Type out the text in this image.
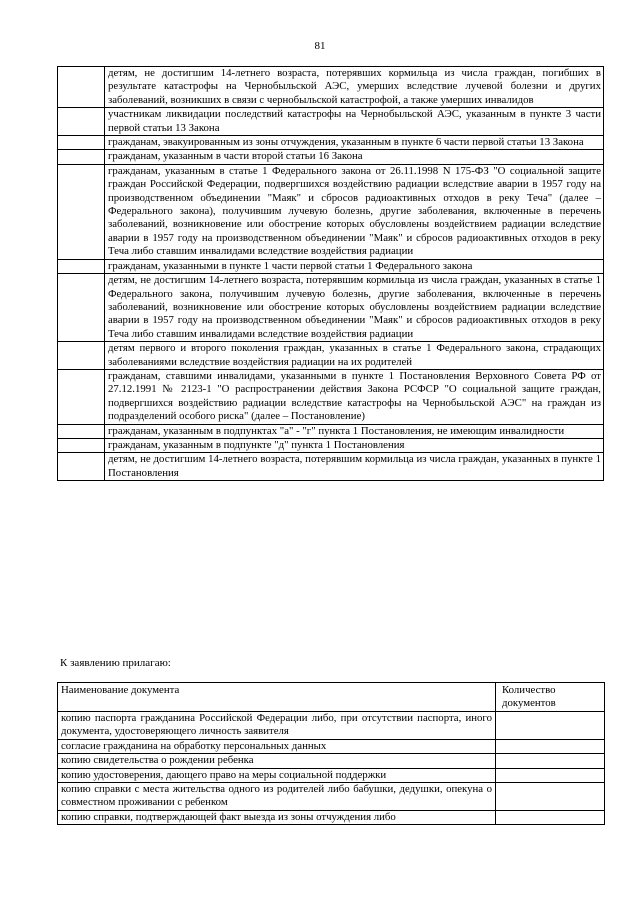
81
	детям, не достигшим 14-летнего возраста, потерявших кормильца из числа граждан, погибших в результате катастрофы на Чернобыльской АЭС, умерших вследствие лучевой болезни и других заболеваний, возникших в связи с чернобыльской катастрофой, а также умерших инвалидов
	участникам ликвидации последствий катастрофы на Чернобыльской АЭС, указанным в пункте 3 части первой статьи 13 Закона
	гражданам, эвакуированным из зоны отчуждения, указанным в пункте 6 части первой статьи 13 Закона
	гражданам, указанным в части второй статьи 16 Закона
	гражданам, указанным в статье 1 Федерального закона от 26.11.1998 N 175-ФЗ "О социальной защите граждан Российской Федерации, подвергшихся воздействию радиации вследствие аварии в 1957 году на производственном объединении "Маяк" и сбросов радиоактивных отходов в реку Теча" (далее – Федерального закона), получившим лучевую болезнь, другие заболевания, включенные в перечень заболеваний, возникновение или обострение которых обусловлены воздействием радиации вследствие аварии в 1957 году на производственном объединении "Маяк" и сбросов радиоактивных отходов в реку Теча либо ставшим инвалидами вследствие воздействия радиации
	гражданам, указанными в пункте 1 части первой статьи 1 Федерального закона
	детям, не достигшим 14-летнего возраста, потерявшим кормильца из числа граждан, указанных в статье 1 Федерального закона, получившим лучевую болезнь, другие заболевания, включенные в перечень заболеваний, возникновение или обострение которых обусловлены воздействием радиации вследствие аварии в 1957 году на производственном объединении "Маяк" и сбросов радиоактивных отходов в реку Теча либо ставшим инвалидами вследствие воздействия радиации
	детям первого и второго поколения граждан, указанных в статье 1 Федерального закона, страдающих заболеваниями вследствие воздействия радиации на их родителей
	гражданам, ставшими инвалидами, указанными в пункте 1 Постановления Верховного Совета РФ от 27.12.1991 № 2123-1 "О распространении действия Закона РСФСР "О социальной защите граждан, подвергшихся воздействию радиации вследствие катастрофы на Чернобыльской АЭС" на граждан из подразделений особого риска" (далее – Постановление)
	гражданам, указанным в подпунктах "а" - "г" пункта 1 Постановления, не имеющим инвалидности
	гражданам, указанным в подпункте "д" пункта 1 Постановления
	детям, не достигшим 14-летнего возраста, потерявшим кормильца из числа граждан, указанных в пункте 1 Постановления
К заявлению прилагаю:
Наименование документа	Количество документов
копию паспорта гражданина Российской Федерации либо, при отсутствии паспорта, иного документа, удостоверяющего личность заявителя	
согласие гражданина на обработку персональных данных	
копию свидетельства о рождении ребенка	
копию удостоверения, дающего право на меры социальной поддержки	
копию справки с места жительства одного из родителей либо бабушки, дедушки, опекуна о совместном проживании с ребенком	
копию справки, подтверждающей факт выезда из зоны отчуждения либо	
